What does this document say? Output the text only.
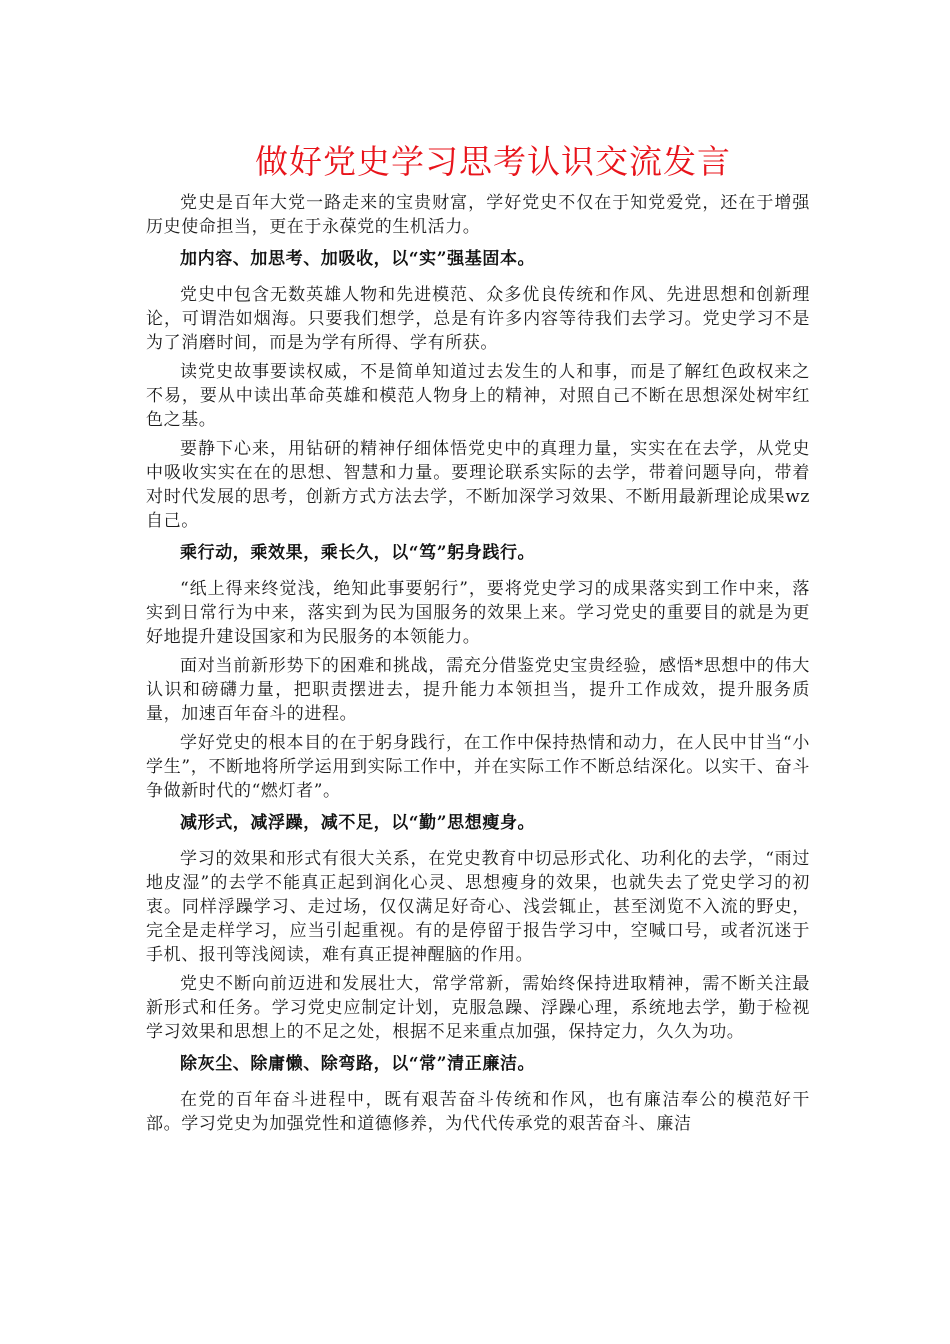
做好党史学习思考认识交流发言

党史是百年大党一路走来的宝贵财富，学好党史不仅在于知党爱党，还在于增强历史使命担当，更在于永葆党的生机活力。

加内容、加思考、加吸收，以“实”强基固本。

党史中包含无数英雄人物和先进模范、众多优良传统和作风、先进思想和创新理论，可谓浩如烟海。只要我们想学，总是有许多内容等待我们去学习。党史学习不是为了消磨时间，而是为学有所得、学有所获。

读党史故事要读权威，不是简单知道过去发生的人和事，而是了解红色政权来之不易，要从中读出革命英雄和模范人物身上的精神，对照自己不断在思想深处树牢红色之基。

要静下心来，用钻研的精神仔细体悟党史中的真理力量，实实在在去学，从党史中吸收实实在在的思想、智慧和力量。要理论联系实际的去学，带着问题导向，带着对时代发展的思考，创新方式方法去学，不断加深学习效果、不断用最新理论成果wz自己。

乘行动，乘效果，乘长久，以“笃”躬身践行。

“纸上得来终觉浅，绝知此事要躬行”，要将党史学习的成果落实到工作中来，落实到日常行为中来，落实到为民为国服务的效果上来。学习党史的重要目的就是为更好地提升建设国家和为民服务的本领能力。

面对当前新形势下的困难和挑战，需充分借鉴党史宝贵经验，感悟*思想中的伟大认识和磅礴力量，把职责摆进去，提升能力本领担当，提升工作成效，提升服务质量，加速百年奋斗的进程。

学好党史的根本目的在于躬身践行，在工作中保持热情和动力，在人民中甘当“小学生”，不断地将所学运用到实际工作中，并在实际工作不断总结深化。以实干、奋斗争做新时代的“燃灯者”。

减形式，减浮躁，减不足，以“勤”思想瘦身。

学习的效果和形式有很大关系，在党史教育中切忌形式化、功利化的去学，“雨过地皮湿”的去学不能真正起到润化心灵、思想瘦身的效果，也就失去了党史学习的初衷。同样浮躁学习、走过场，仅仅满足好奇心、浅尝辄止，甚至浏览不入流的野史，完全是走样学习，应当引起重视。有的是停留于报告学习中，空喊口号，或者沉迷于手机、报刊等浅阅读，难有真正提神醒脑的作用。

党史不断向前迈进和发展壮大，常学常新，需始终保持进取精神，需不断关注最新形式和任务。学习党史应制定计划，克服急躁、浮躁心理，系统地去学，勤于检视学习效果和思想上的不足之处，根据不足来重点加强，保持定力，久久为功。

除灰尘、除庸懒、除弯路，以“常”清正廉洁。

在党的百年奋斗进程中，既有艰苦奋斗传统和作风，也有廉洁奉公的模范好干部。学习党史为加强党性和道德修养，为代代传承党的艰苦奋斗、廉洁
